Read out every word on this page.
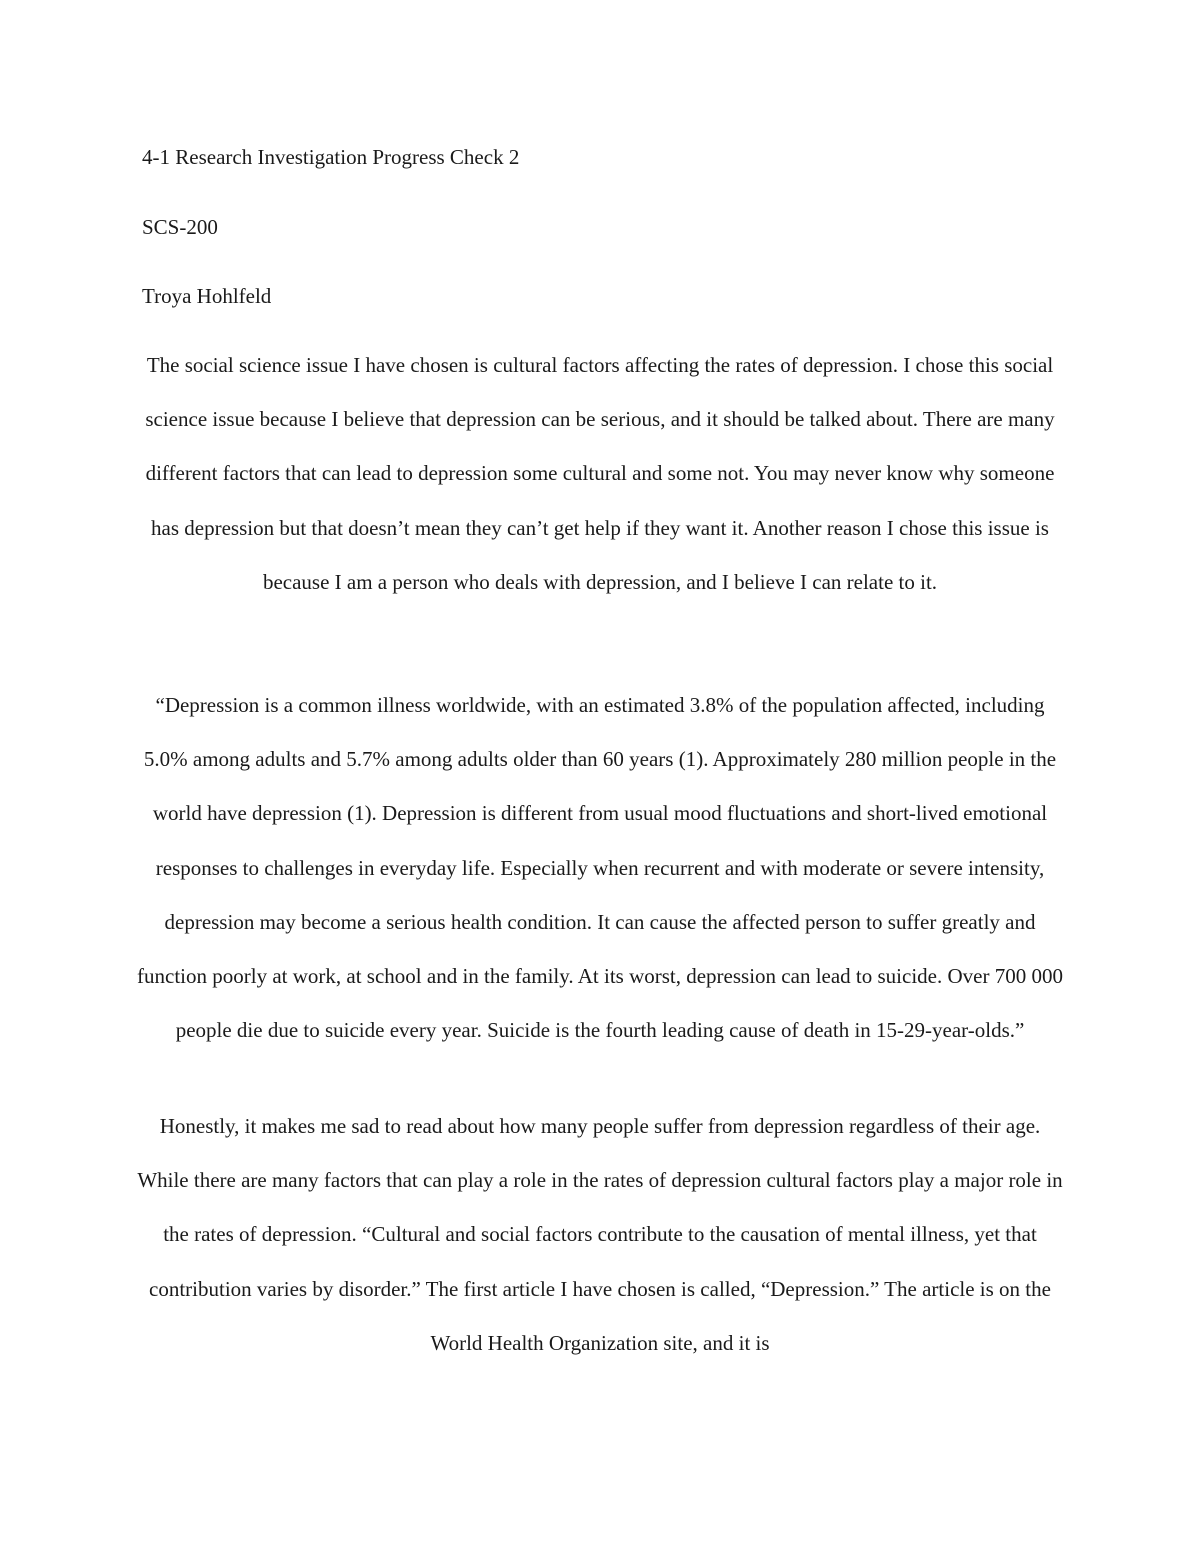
4-1 Research Investigation Progress Check 2
SCS-200
Troya Hohlfeld

The social science issue I have chosen is cultural factors affecting the rates of depression. I chose this social science issue because I believe that depression can be serious, and it should be talked about. There are many different factors that can lead to depression some cultural and some not. You may never know why someone has depression but that doesn’t mean they can’t get help if they want it. Another reason I chose this issue is because I am a person who deals with depression, and I believe I can relate to it.

“Depression is a common illness worldwide, with an estimated 3.8% of the population affected, including 5.0% among adults and 5.7% among adults older than 60 years (1). Approximately 280 million people in the world have depression (1). Depression is different from usual mood fluctuations and short-lived emotional responses to challenges in everyday life. Especially when recurrent and with moderate or severe intensity, depression may become a serious health condition. It can cause the affected person to suffer greatly and function poorly at work, at school and in the family. At its worst, depression can lead to suicide. Over 700 000 people die due to suicide every year. Suicide is the fourth leading cause of death in 15-29-year-olds.”

Honestly, it makes me sad to read about how many people suffer from depression regardless of their age. While there are many factors that can play a role in the rates of depression cultural factors play a major role in the rates of depression. “Cultural and social factors contribute to the causation of mental illness, yet that contribution varies by disorder.” The first article I have chosen is called, “Depression.” The article is on the World Health Organization site, and it is
